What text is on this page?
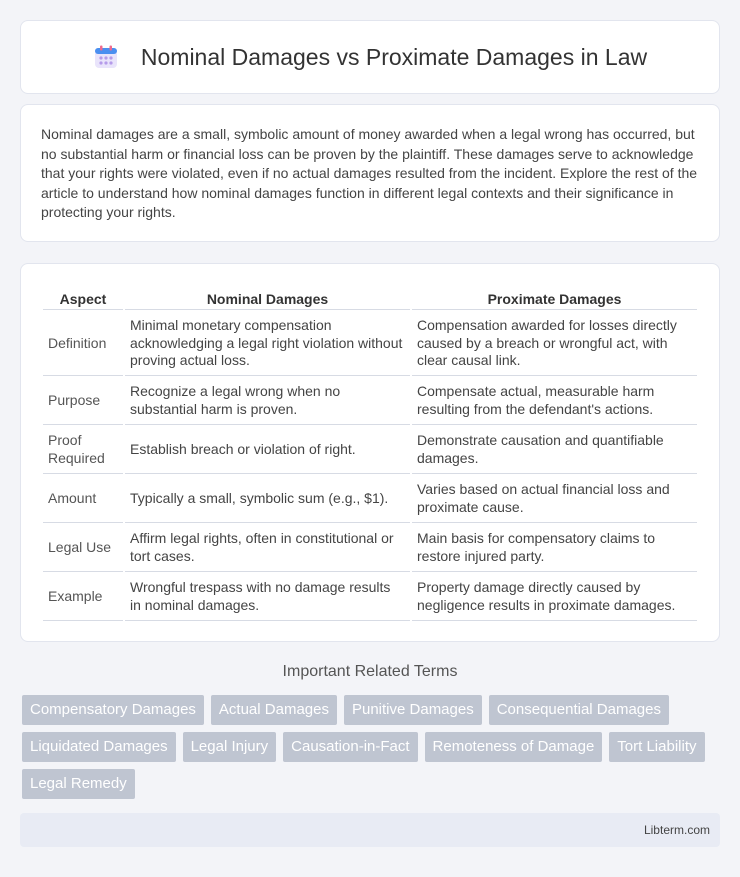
Nominal Damages vs Proximate Damages in Law

Nominal damages are a small, symbolic amount of money awarded when a legal wrong has occurred, but no substantial harm or financial loss can be proven by the plaintiff. These damages serve to acknowledge that your rights were violated, even if no actual damages resulted from the incident. Explore the rest of the article to understand how nominal damages function in different legal contexts and their significance in protecting your rights.

Aspect	Nominal Damages	Proximate Damages
Definition	Minimal monetary compensation acknowledging a legal right violation without proving actual loss.	Compensation awarded for losses directly caused by a breach or wrongful act, with clear causal link.
Purpose	Recognize a legal wrong when no substantial harm is proven.	Compensate actual, measurable harm resulting from the defendant's actions.
Proof Required	Establish breach or violation of right.	Demonstrate causation and quantifiable damages.
Amount	Typically a small, symbolic sum (e.g., $1).	Varies based on actual financial loss and proximate cause.
Legal Use	Affirm legal rights, often in constitutional or tort cases.	Main basis for compensatory claims to restore injured party.
Example	Wrongful trespass with no damage results in nominal damages.	Property damage directly caused by negligence results in proximate damages.
Important Related Terms
Compensatory Damages	Actual Damages	Punitive Damages	Consequential Damages
Liquidated Damages	Legal Injury	Causation-in-Fact	Remoteness of Damage	Tort Liability
Legal Remedy
Libterm.com
